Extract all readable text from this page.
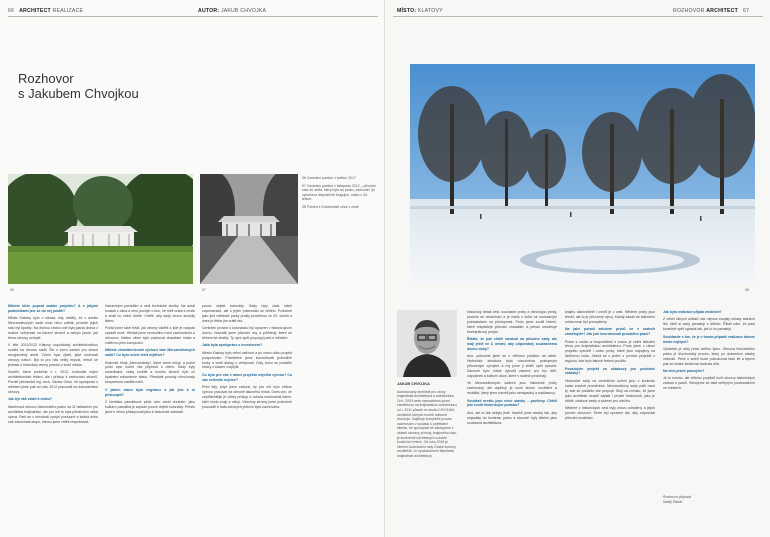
66 ARCHITECT REALIZACE	AUTOR: JAKUB CHVOJKA
Rozhovor
s Jakubem Chvojkou
06	07
06 Centrální pavilon v květnu 2017
07 Centrální pavilon v listopadu 2012 – původní stav sil, sídla, který byla do parku „vsíkován“ již vytvořena dispozičně fungující, místo z 20. letech.
08 Pohled z Koželužské ulice v zimě

Můžete blíže popsat zadání projektu? A s jakými podmínkami jste se do něj pustili?

Město Klatovy bylo v situaci, kdy věděly, že v areálu Mercandinových sadů musí něco udělat, protože jejich stav byl špatný. Na druhou stranu zde byla jasná obava z reakce veřejnosti na kácení stromů a nebylo jasné, jak téma obnovy uchopit.

V létě 2011/2012 Klatovy uspořádaly architektonickou soutěž na obnovu sadů. Šlo o první zadání pro dosud nevyjasněný areál. Cílem bylo zjistit, jaké možnosti obnovy nabízí. Byl to pro nás velký impulz, neboť se jednalo o historicky cenný prostor v srdci města.

Soutěž, která proběhla v r. 2012, hodnotila nejen architektonické řešení, ale i přístup k zachování stromů. Porotě předsedal Ing. arch. Václav Girsa. Ve spolupráci s městem jsme pak od roku 2012 pracovali na dokumentaci obnovy.

Jak byl váš vztah k místu?

Navrhnout obnovu historického parku na 11 hektarech pro architekta krajinářství, ale pro mě to byla především velká výzva. Park se v minulosti vyvíjel postupně a každá doba zde zanechala stopu, kterou jsme chtěli respektovat.

historickým ponistům a vedl technické služby. Na areál koukali z okna a není pochyb o tom, že měli vztah k místu a znali ho velmi dobře. Chtěli, aby sady znovu sloužily lidem.

Pořád jsme také řešili, jak stromy ošetřit a kde je naopak vysadit nové. Hledali jsme rovnováhu mezi zachováním a obnovou. Naším cílem bylo zachovat charakter místa a vrátit mu jeho kompozici.

Můžete charakterizovat výchozí stav Mercandinových sadů? Co bylo nutné řešit nejdříve?

Klatovští říkají „Mercandinky“, které velmi milují, a právě proto bylo nutné vše připravit s citem. Sady byly zanedbané, cesty rozbité a mnoho stromů bylo ve špatném zdravotním stavu. Přestárlé porosty ohrožovaly bezpečnost návštěvníků.

V jakém stavu byla vegetace a jak jste k ní přistoupili?

Z hlediska památkové péče není areál chráněn, jako kulturní památka je zapsán pouze objekt kolonády. Přesto jsme k němu přistupovali jako k historické zahradě.

pouze objekt kolonády. Sady byly však velmi zapomenuté, ale o jejich potenciálu se vědělo. Podobně jako jiné městské parky prošly proměnou ve 20. století a dnes je třeba jim vrátit řád.

Centrální prostor s kolonádou byl upraven v historizujícím duchu. Navrátili jsme původní osy a průhledy, které se během let ztratily. Ty nyní opět propojují park s městem.

Jaká byla spolupráce s investorem?

Město Klatovy bylo velmi vstřícné a po celou dobu projekt podporovalo. Pravidelně jsme konzultovali jednotlivé kroky a vedli dialog s veřejností. Díky tomu se podařilo obavy z kácení rozptýlit.

Co bylo pro vás v rámci projektu největší výzvou? Co vás ovlivnilo nejvíce?

Před lety, když jsem začínal, by pro mě bylo velkou výzvou pracovat na obnově takového místa. Dnes vím, že nejdůležitější je citlivý přístup a ochota naslouchat lidem, kteří místo znají a milují. Všechny stromy jsme podrobně posoudili a řada zdravých jedinců byla zachována.

MÍSTO: KLATOVY	ROZHOVOR ARCHITECT 67
08
JAKUB CHVOJKA
Autorizovaný architekt pro obory krajinářská architektura a architektura. Od r. 2003 vede samostatnou praxi zaměřenou na krajinářskou architekturu, od r. 2011 působí ve studiu CHVOJKA architekti, kterých tvorbě odborně dozoruje. Zajišťuje kompletní proces navrhování v souladu s potřebami klienta. Ve spolupráci se zástupcem v oblasti ochrany přírody, krajinného rázu, je konkrétně udržitelných a dobře funkčních řešení. Od roku 2016 je členem Autorizační rady České komory architektů. Je spoluautorem Manifestu krajinářské architektury.

historický detail cest, současné prvky a obnovující prvky, protože se neobchází a je často v kolizi se současným požadavkem na přístupnost. Proto jsme zvolili řešení, které respektuje původní charakter, a přesto umožňuje bezbariérový pohyb.

Říkáte, že jste chtěli navázat na původní sady, ale mají ještě ve 3. místní, aby odpovídaly současnému duchu doby?

Ano, pokoušel jsem se o většímu pohledu na celek. Historická struktura byla rozvolněna postupným přirozeným vývojem a my jsme ji chtěli opět zpevnit. Zároveň bylo nutné vytvořit zázemí pro hry dětí, odpočinek a kulturní akce, které v sadech probíhají.

Ve Mercandinových sadech jsou historické prvky zachovány, ale doplňují je nové lavice, osvětlení a mobiliář, který jsme navrhli jako nenápadný a nadčasový.

Součástí areálu jsou nové stavby – pavilony. Chtěli jste zvolit historizující podobu?

Ano, ale to tak nebylo jisté. Navrhli jsme stavby tak, aby zapadaly do kontextu parku a zároveň byly čitelné jako současná architektura.

krajinu stanovištně i uvnitř je v cest. Některé prvky jsou téměř, ale to je přirozený vývoj. Každý zásah do takového místa musí být promyšlený.

Na jaké pořadí založení prvků se v sadech zaměřujete? Jak jste koordinovali provádění prací?

Práce s vodou a hospodaření s vodou je velmi aktuální téma pro krajinářskou architekturu. Proto jsme v rámci projektu vytvořili i vodní prvky, které jsou napojeny na dešťovou vodu. Jedná se o jeden z prvních projektů v regionu, kde bylo takové řešení použito.

Považujete projekt za ukázkový pro podobné zakázky?

Historické sady na centrálním území jsou v kontextu často značně proměnlivé. Mercandinovy sady patří mezi ty, kde se podařilo vše propojit. Stojí za zmínku, že jsme jako architekti museli zajistit i prosté funkčnosti, jako je hřiště, mlatové cesty a zázemí pro údržbu.

Některé z historických cest byly znovu odhaleny a jejich povrch obnoven. Terén byl upraven tak, aby odpovídal původní modelaci.

Jak byla realizace přijata místními?

Z velmi silných ohlasů nás nejvíce zaujaly ohlasy starších lidí, kteří si sady pamatují z dětství. Říkali nám, že park konečně opět vypadá tak, jak si ho pamatují.

Souhlasíte s tím, že je v tomto případě realizace takové místo nejlepší?

Výsledek je vždy prací celého týmu. Obnova historického parku je dlouhodobý proces, který po dokončení stavby nekončí. Péče o zeleň bude pokračovat řadu let a teprve pak se ukáže skutečná hodnota díla.

Na čem právě pracujete?

Je to mnoho, ale většinu projektů tvoří obnovy historických zahrad a parků. Věnujeme se také veřejným prostranstvím ve městech.

Rozhovor připravil
Matěj Šiškář
